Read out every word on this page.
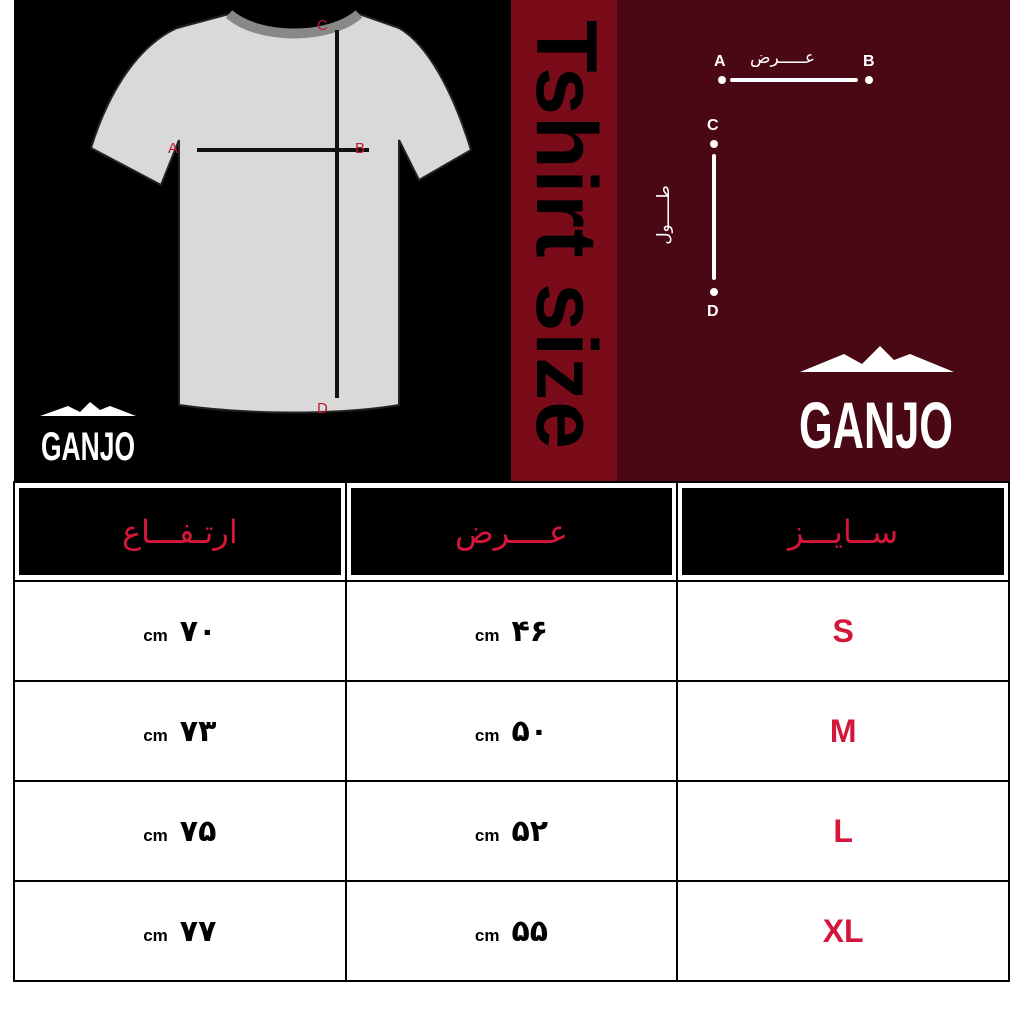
A	B
C
D Tshirt size	A	B
عـــــرض
C
D
طـــــول
GANJO	GANJO
ارتـفـــاع	عــــرض	ســایـــز

cm ۷۰	cm ۴۶	S

cm ۷۳	cm ۵۰	M

cm ۷۵	cm ۵۲	L

cm ۷۷	cm ۵۵	XL
